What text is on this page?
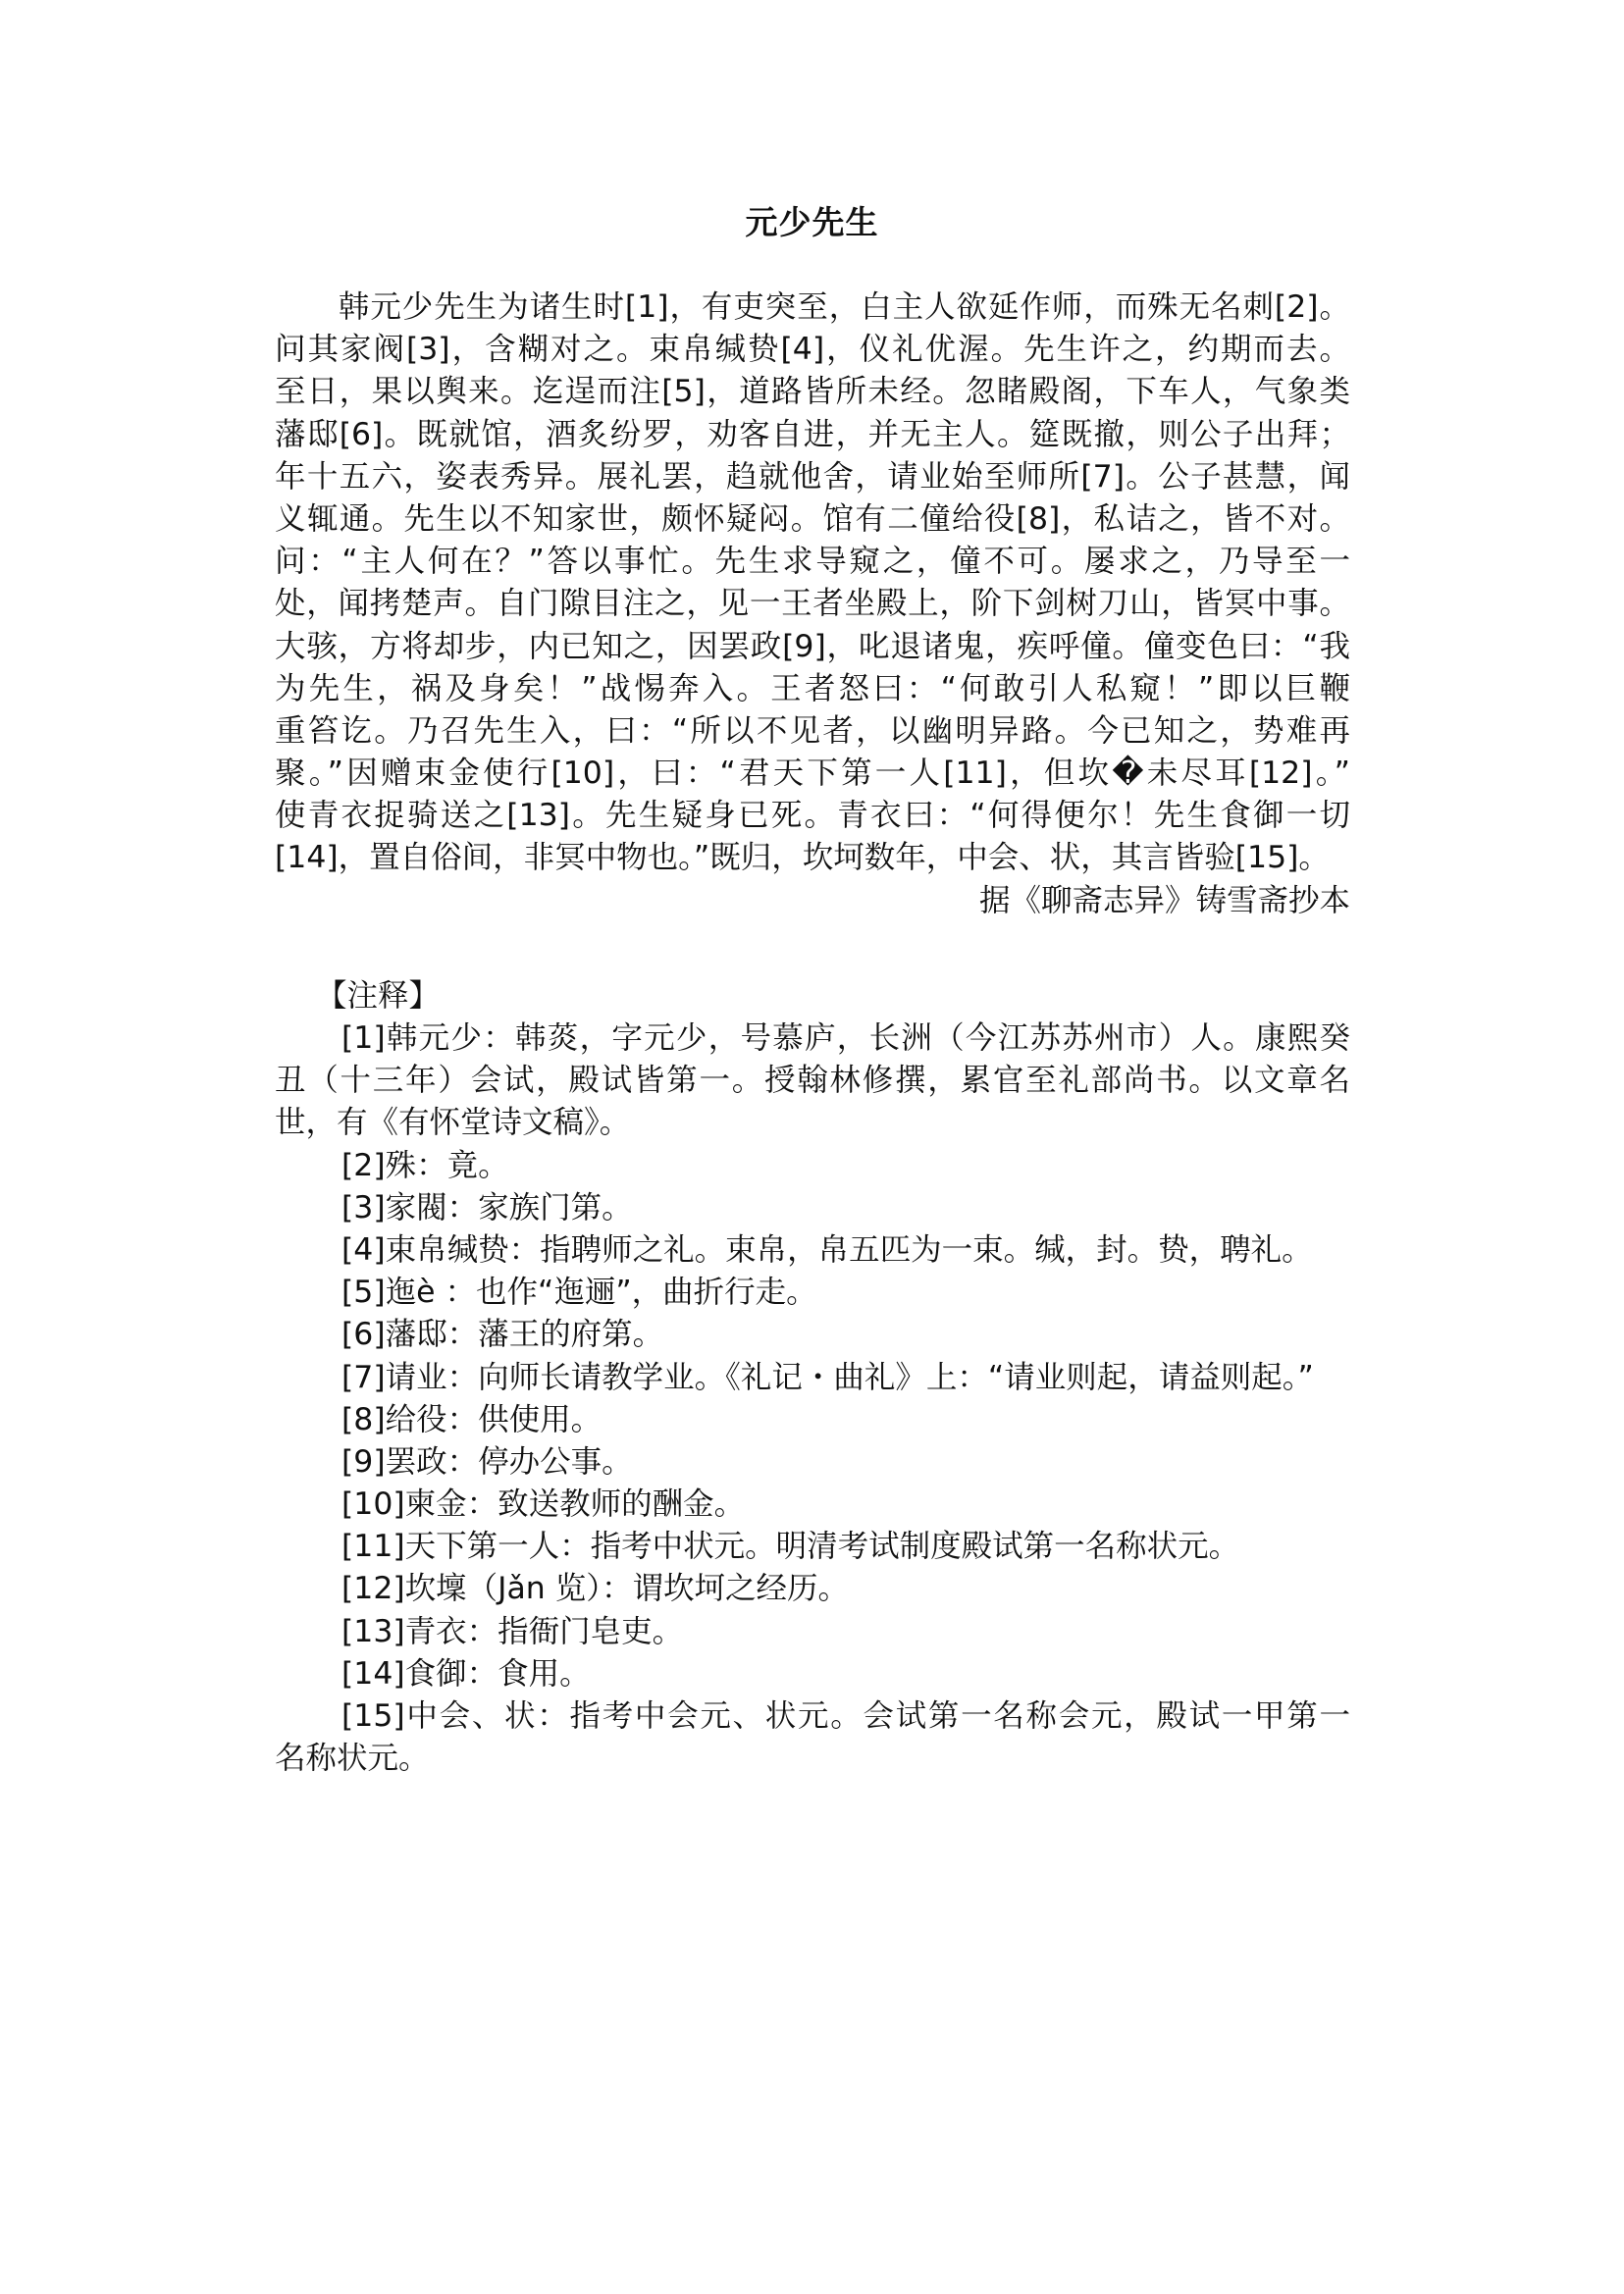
元少先生
　　韩元少先生为诸生时[1]，有吏突至，白主人欲延作师，而殊无名刺[2]。
问其家阀[3]，含糊对之。束帛缄贽[4]，仪礼优渥。先生许之，约期而去。
至日，果以舆来。迄逞而注[5]，道路皆所未经。忽睹殿阁，下车人，气象类
藩邸[6]。既就馆，酒炙纷罗，劝客自进，并无主人。筵既撤，则公子出拜；
年十五六，姿表秀异。展礼罢，趋就他舍，请业始至师所[7]。公子甚慧，闻
义辄通。先生以不知家世，颇怀疑闷。馆有二僮给役[8]，私诘之，皆不对。
问：“主人何在？”答以事忙。先生求导窥之，僮不可。屡求之，乃导至一
处，闻拷楚声。自门隙目注之，见一王者坐殿上，阶下剑树刀山，皆冥中事。
大骇，方将却步，内已知之，因罢政[9]，叱退诸鬼，疾呼僮。僮变色曰：“我
为先生，祸及身矣！”战惕奔入。王者怒曰：“何敢引人私窥！”即以巨鞭
重笞讫。乃召先生入，曰：“所以不见者，以幽明异路。今已知之，势难再
聚。”因赠束金使行[10]，曰：“君天下第一人[11]，但坎�未尽耳[12]。”
使青衣捉骑送之[13]。先生疑身已死。青衣曰：“何得便尔！先生食御一切
[14]，置自俗间，非冥中物也。”既归，坎坷数年，中会、状，其言皆验[15]。
据《聊斋志异》铸雪斋抄本
【注释】
[1]韩元少：韩菼，字元少，号慕庐，长洲（今江苏苏州市）人。康熙癸
丑（十三年）会试，殿试皆第一。授翰林修撰，累官至礼部尚书。以文章名
世，有《有怀堂诗文稿》。
[2]殊：竟。
[3]家閥：家族门第。
[4]束帛缄贽：指聘师之礼。束帛，帛五匹为一束。缄，封。贽，聘礼。
[5]迤è ：也作“迤逦”，曲折行走。
[6]藩邸：藩王的府第。
[7]请业：向师长请教学业。《礼记・曲礼》上：“请业则起，请益则起。”
[8]给役：供使用。
[9]罢政：停办公事。
[10]柬金：致送教师的酬金。
[11]天下第一人：指考中状元。明清考试制度殿试第一名称状元。
[12]坎壈（Jǎn 览）：谓坎坷之经历。
[13]青衣：指衙门皂吏。
[14]食御：食用。
[15]中会、状：指考中会元、状元。会试第一名称会元，殿试一甲第一
名称状元。
